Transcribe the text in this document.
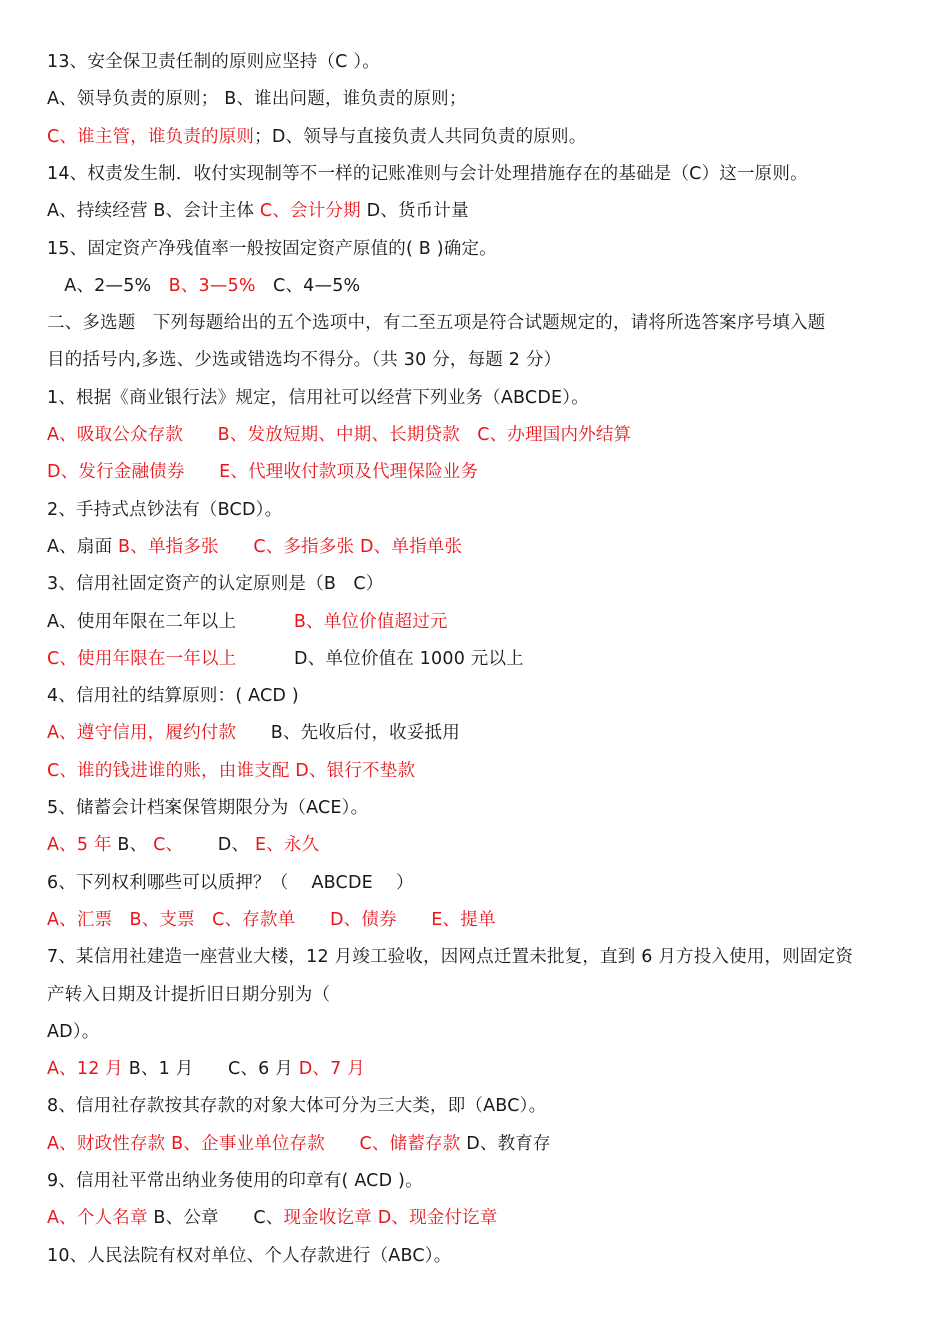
13、安全保卫责任制的原则应坚持（C ）。
A、领导负责的原则； B、谁出问题，谁负责的原则；
C、谁主管，谁负责的原则；D、领导与直接负责人共同负责的原则。
14、权责发生制．收付实现制等不一样的记账准则与会计处理措施存在的基础是（C）这一原则。
A、持续经营 B、会计主体 C、会计分期 D、货币计量
15、固定资产净残值率一般按固定资产原值的( B )确定。
A、2—5%   B、3—5%   C、4—5%
二、多选题   下列每题给出的五个选项中，有二至五项是符合试题规定的，请将所选答案序号填入题
目的括号内,多选、少选或错选均不得分。（共 30 分，每题 2 分）
1、根据《商业银行法》规定，信用社可以经营下列业务（ABCDE）。
A、吸取公众存款      B、发放短期、中期、长期贷款   C、办理国内外结算
D、发行金融债券      E、代理收付款项及代理保险业务
2、手持式点钞法有（BCD）。
A、扇面 B、单指多张      C、多指多张 D、单指单张
3、信用社固定资产的认定原则是（B   C）
A、使用年限在二年以上          B、单位价值超过元
C、使用年限在一年以上          D、单位价值在 1000 元以上
4、信用社的结算原则：( ACD )
A、遵守信用，履约付款      B、先收后付，收妥抵用
C、谁的钱进谁的账，由谁支配 D、银行不垫款
5、储蓄会计档案保管期限分为（ACE）。
A、5 年 B、 C、      D、 E、永久
6、下列权利哪些可以质押？（    ABCDE    ）
A、汇票   B、支票   C、存款单      D、债券      E、提单
7、某信用社建造一座营业大楼，12 月竣工验收，因网点迁置未批复，直到 6 月方投入使用，则固定资
产转入日期及计提折旧日期分别为（
AD）。
A、12 月 B、1 月      C、6 月 D、7 月
8、信用社存款按其存款的对象大体可分为三大类，即（ABC）。
A、财政性存款 B、企事业单位存款      C、储蓄存款 D、教育存
9、信用社平常出纳业务使用的印章有( ACD )。
A、个人名章 B、公章      C、现金收讫章 D、现金付讫章
10、人民法院有权对单位、个人存款进行（ABC）。
